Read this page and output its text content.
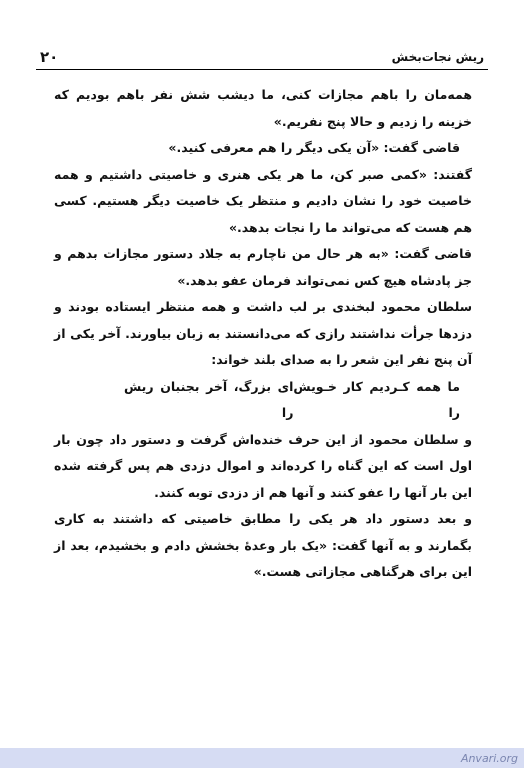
۲۰	ریش نجات‌بخش

همه‌مان را باهم مجازات کنی، ما دیشب شش نفر باهم بودیم که خزینه را زدیم و حالا پنج نفریم.»

قاضی گفت: «آن یکی دیگر را هم معرفی کنید.»

گفتند: «کمی صبر کن، ما هر یکی هنری و خاصیتی داشتیم و همه خاصیت خود را نشان دادیم و منتظر یک خاصیت دیگر هستیم. کسی هم هست که می‌تواند ما را نجات بدهد.»

قاضی گفت: «به هر حال من ناچارم به جلاد دستور مجازات بدهم و جز پادشاه هیچ کس نمی‌تواند فرمان عفو بدهد.»

سلطان محمود لبخندی بر لب داشت و همه منتظر ایستاده بودند و دزدها جرأت نداشتند رازی که می‌دانستند به زبان بیاورند. آخر یکی از آن پنج نفر این شعر را به صدای بلند خواند:

ما همه کـردیم کار خـویش را
ای بزرگ، آخر بجنبان ریش را

و سلطان محمود از این حرف خنده‌اش گرفت و دستور داد چون بار اول است که این گناه را کرده‌اند و اموال دزدی هم پس گرفته شده این بار آنها را عفو کنند و آنها هم از دزدی توبه کنند.

و بعد دستور داد هر یکی را مطابق خاصیتی که داشتند به کاری بگمارند و به آنها گفت: «یک بار وعدهٔ بخشش دادم و بخشیدم، بعد از این برای هرگناهی مجازاتی هست.»

Anvari.org
